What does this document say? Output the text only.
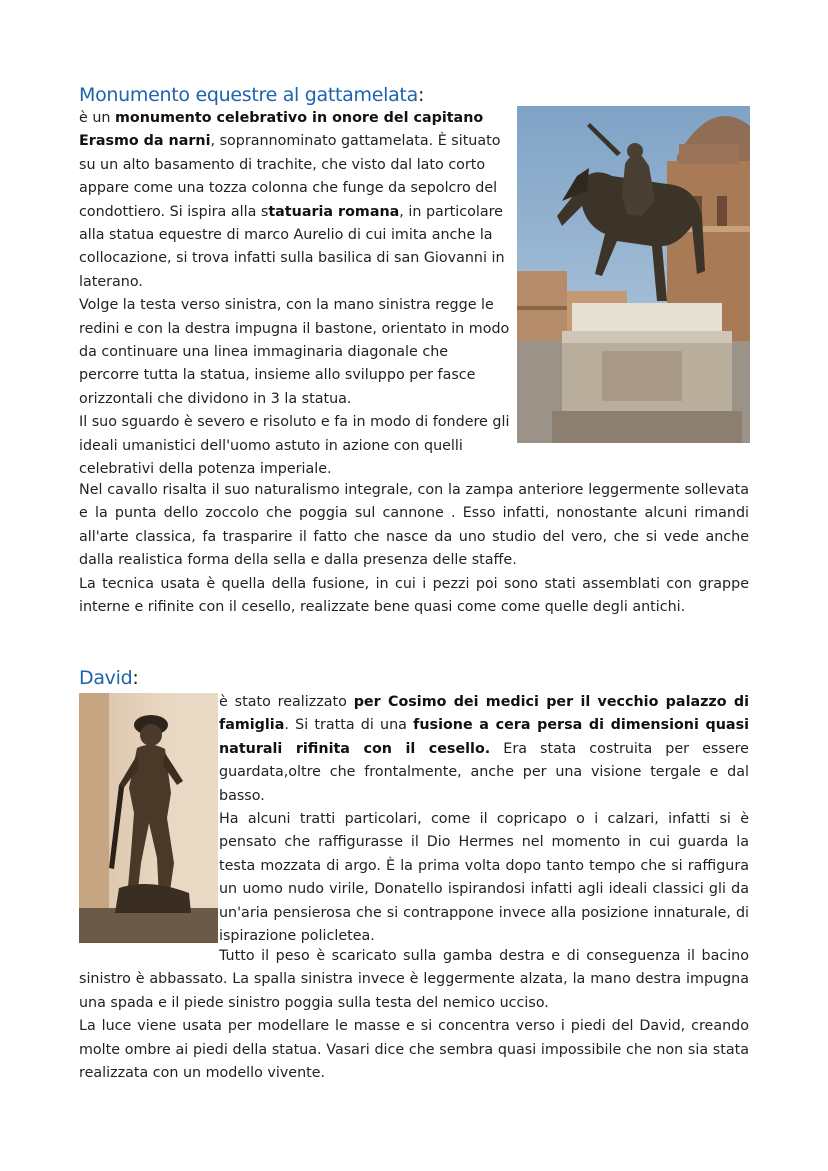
Monumento equestre al gattamelata:

è un monumento celebrativo in onore del capitano Erasmo da narni, soprannominato gattamelata. È situato su un alto basamento di trachite, che visto dal lato corto appare come una tozza colonna che funge da sepolcro del condottiero. Si ispira alla statuaria romana, in particolare alla statua equestre di marco Aurelio di cui imita anche la collocazione, si trova infatti sulla basilica di san Giovanni in laterano.

Volge la testa verso sinistra, con la mano sinistra regge le redini e con la destra impugna il bastone, orientato in modo da continuare una linea immaginaria diagonale che percorre tutta la statua, insieme allo sviluppo per fasce orizzontali che dividono in 3 la statua.

Il suo sguardo è severo e risoluto e fa in modo di fondere gli ideali umanistici dell'uomo astuto in azione con quelli celebrativi della potenza imperiale.

Nel cavallo risalta il suo naturalismo integrale, con la zampa anteriore leggermente sollevata e la punta dello zoccolo che poggia sul cannone . Esso infatti, nonostante alcuni rimandi all'arte classica, fa trasparire il fatto che nasce da uno studio del vero, che si vede anche dalla realistica forma della sella e dalla presenza delle staffe.

La tecnica usata è quella della fusione, in cui i pezzi poi sono stati assemblati con grappe interne e rifinite con il cesello, realizzate bene quasi come come quelle degli antichi.

David:

è stato realizzato per Cosimo dei medici per il vecchio palazzo di famiglia. Si tratta di una fusione a cera persa di dimensioni quasi naturali rifinita con il cesello. Era stata costruita per essere guardata,oltre che frontalmente, anche per una visione tergale e dal basso.

Ha alcuni tratti particolari, come il copricapo o i calzari, infatti si è pensato che raffigurasse il Dio Hermes nel momento in cui guarda la testa mozzata di argo. È la prima volta dopo tanto tempo che si raffigura un uomo nudo virile, Donatello ispirandosi infatti agli ideali classici gli da un'aria pensierosa che si contrappone invece alla posizione innaturale, di ispirazione policletea.

Tutto il peso è scaricato sulla gamba destra e di conseguenza il bacino sinistro è abbassato. La spalla sinistra invece è leggermente alzata, la mano destra impugna una spada e il piede sinistro poggia sulla testa del nemico ucciso.

La luce viene usata per modellare le masse e si concentra verso i piedi del David, creando molte ombre ai piedi della statua. Vasari dice che sembra quasi impossibile che non sia stata realizzata con un modello vivente.
